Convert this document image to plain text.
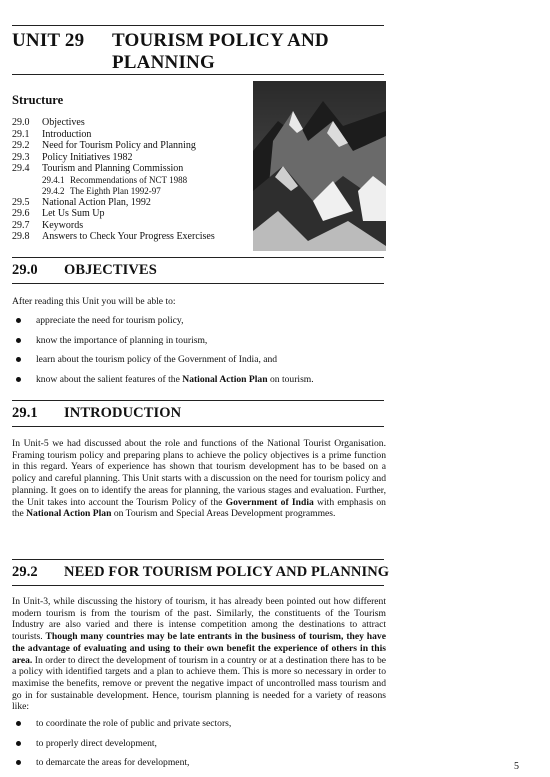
UNIT 29 TOURISM POLICY AND
PLANNING
Structure
29.0	Objectives
29.1	Introduction
29.2	Need for Tourism Policy and Planning
29.3	Policy Initiatives 1982
29.4	Tourism and Planning Commission
29.4.1 Recommendations of NCT 1988
29.4.2 The Eighth Plan 1992-97
29.5	National Action Plan, 1992
29.6	Let Us Sum Up
29.7	Keywords
29.8	Answers to Check Your Progress Exercises
29.0 OBJECTIVES
After reading this Unit you will be able to:
appreciate the need for tourism policy,
know the importance of planning in tourism,
learn about the tourism policy of the Government of India, and
know about the salient features of the National Action Plan on tourism.
29.1 INTRODUCTION
In Unit-5 we had discussed about the role and functions of the National Tourist Organisation. Framing tourism policy and preparing plans to achieve the policy objectives is a prime function in this regard. Years of experience has shown that tourism development has to be based on a policy and careful planning. This Unit starts with a discussion on the need for tourism policy and planning. It goes on to identify the areas for planning, the various stages and evaluation. Further, the Unit takes into account the Tourism Policy of the Government of India with emphasis on the National Action Plan on Tourism and Special Areas Development programmes.
29.2 NEED FOR TOURISM POLICY AND PLANNING
In Unit-3, while discussing the history of tourism, it has already been pointed out how different modern tourism is from the tourism of the past. Similarly, the constituents of the Tourism Industry are also varied and there is intense competition among the destinations to attract tourists. Though many countries may be late entrants in the business of tourism, they have the advantage of evaluating and using to their own benefit the experience of others in this area. In order to direct the development of tourism in a country or at a destination there has to be a policy with identified targets and a plan to achieve them. This is more so necessary in order to maximise the benefits, remove or prevent the negative impact of uncontrolled mass tourism and go in for sustainable development. Hence, tourism planning is needed for a variety of reasons like:
to coordinate the role of public and private sectors,
to properly direct development,
to demarcate the areas for development,	5
